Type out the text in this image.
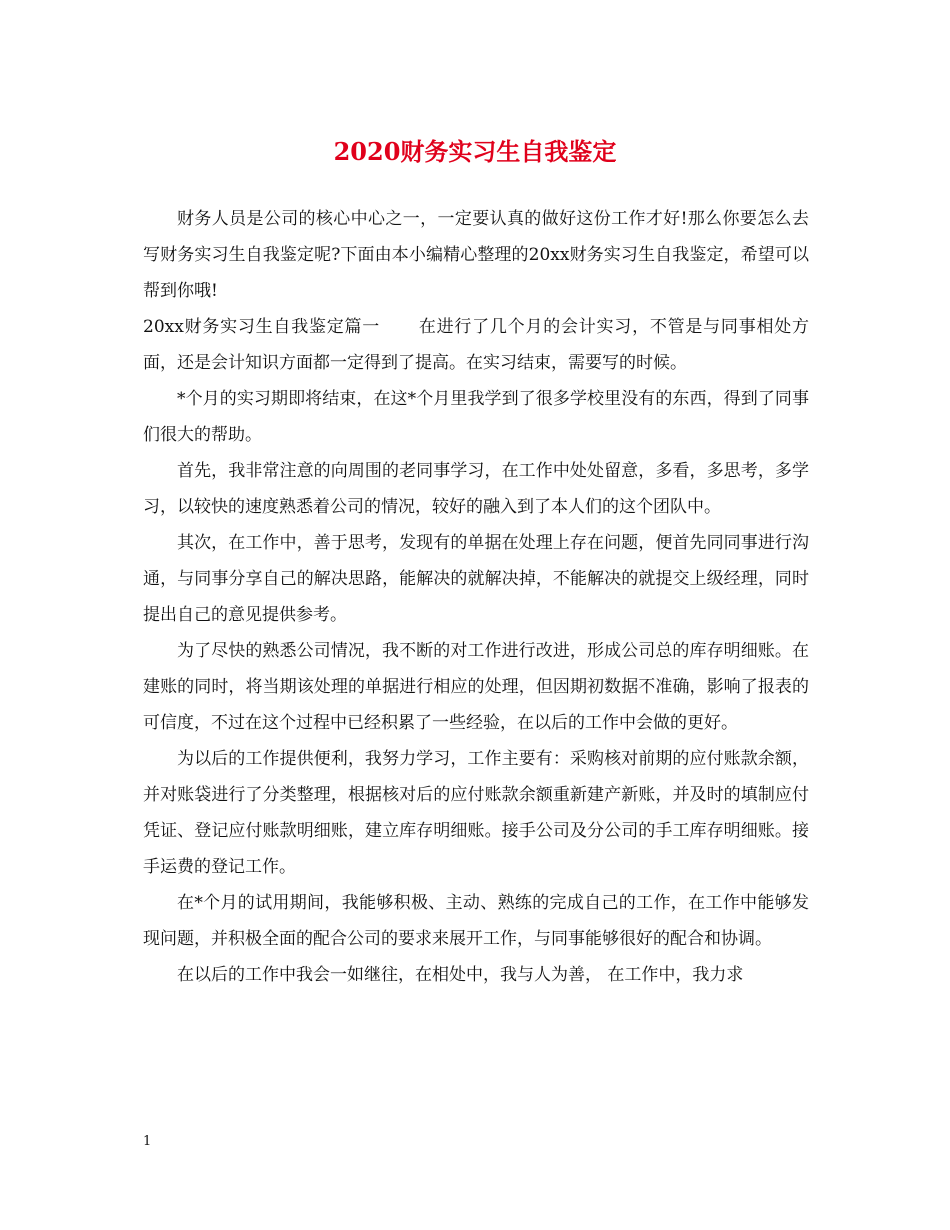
2020财务实习生自我鉴定

财务人员是公司的核心中心之一，一定要认真的做好这份工作才好!那么你要怎么去写财务实习生自我鉴定呢?下面由本小编精心整理的20xx财务实习生自我鉴定，希望可以帮到你哦!

20xx财务实习生自我鉴定篇一 在进行了几个月的会计实习，不管是与同事相处方面，还是会计知识方面都一定得到了提高。在实习结束，需要写的时候。

*个月的实习期即将结束，在这*个月里我学到了很多学校里没有的东西，得到了同事们很大的帮助。

首先，我非常注意的向周围的老同事学习，在工作中处处留意，多看，多思考，多学习，以较快的速度熟悉着公司的情况，较好的融入到了本人们的这个团队中。

其次，在工作中，善于思考，发现有的单据在处理上存在问题，便首先同同事进行沟通，与同事分享自己的解决思路，能解决的就解决掉，不能解决的就提交上级经理，同时提出自己的意见提供参考。

为了尽快的熟悉公司情况，我不断的对工作进行改进，形成公司总的库存明细账。在建账的同时，将当期该处理的单据进行相应的处理，但因期初数据不准确，影响了报表的可信度，不过在这个过程中已经积累了一些经验，在以后的工作中会做的更好。

为以后的工作提供便利，我努力学习，工作主要有：采购核对前期的应付账款余额，并对账袋进行了分类整理，根据核对后的应付账款余额重新建产新账，并及时的填制应付凭证、登记应付账款明细账，建立库存明细账。接手公司及分公司的手工库存明细账。接手运费的登记工作。

在*个月的试用期间，我能够积极、主动、熟练的完成自己的工作，在工作中能够发现问题，并积极全面的配合公司的要求来展开工作，与同事能够很好的配合和协调。

在以后的工作中我会一如继往，在相处中，我与人为善， 在工作中，我力求

1
